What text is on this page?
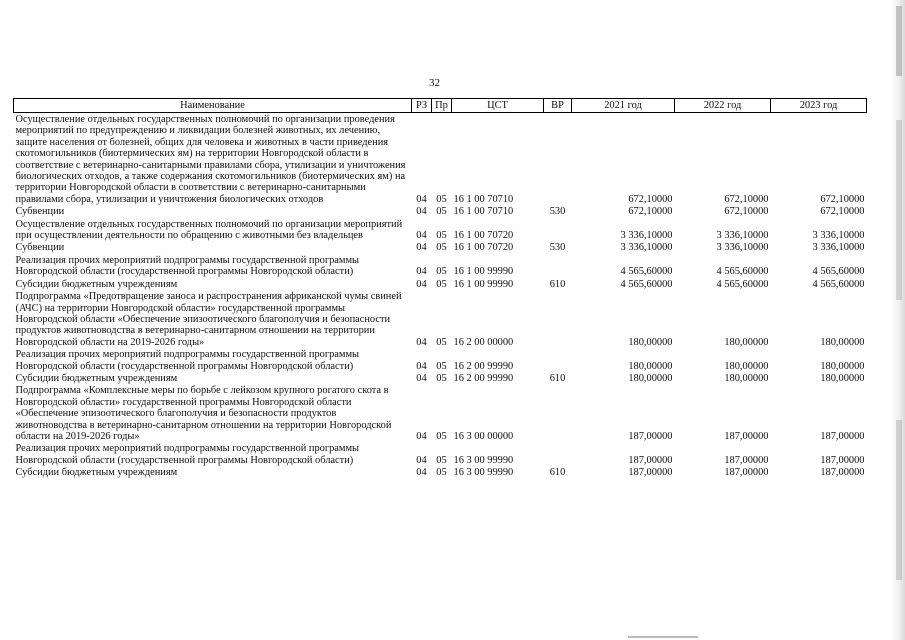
32
Наименование	РЗ	Пр	ЦСТ	ВР	2021 год	2022 год	2023 год
Осуществление отдельных государственных полномочий по организации проведения мероприятий по предупреждению и ликвидации болезней животных, их лечению, защите населения от болезней, общих для человека и животных в части приведения скотомогильников (биотермических ям) на территории Новгородской области в соответствие с ветеринарно-санитарными правилами сбора, утилизации и уничтожения биологических отходов, а также содержания скотомогильников (биотермических ям) на территории Новгородской области в соответствии с ветеринарно-санитарными правилами сбора, утилизации и уничтожения биологических отходов	04	05	16 1 00 70710		672,10000	672,10000	672,10000
Субвенции	04	05	16 1 00 70710	530	672,10000	672,10000	672,10000
Осуществление отдельных государственных полномочий по организации мероприятий при осуществлении деятельности по обращению с животными без владельцев	04	05	16 1 00 70720		3 336,10000	3 336,10000	3 336,10000
Субвенции	04	05	16 1 00 70720	530	3 336,10000	3 336,10000	3 336,10000
Реализация прочих мероприятий подпрограммы государственной программы Новгородской области (государственной программы Новгородской области)	04	05	16 1 00 99990		4 565,60000	4 565,60000	4 565,60000
Субсидии бюджетным учреждениям	04	05	16 1 00 99990	610	4 565,60000	4 565,60000	4 565,60000
Подпрограмма «Предотвращение заноса и распространения африканской чумы свиней (АЧС) на территории Новгородской области» государственной программы Новгородской области «Обеспечение эпизоотического благополучия и безопасности продуктов животноводства в ветеринарно-санитарном отношении на территории Новгородской области на 2019-2026 годы»	04	05	16 2 00 00000		180,00000	180,00000	180,00000
Реализация прочих мероприятий подпрограммы государственной программы Новгородской области (государственной программы Новгородской области)	04	05	16 2 00 99990		180,00000	180,00000	180,00000
Субсидии бюджетным учреждениям	04	05	16 2 00 99990	610	180,00000	180,00000	180,00000
Подпрограмма «Комплексные меры по борьбе с лейкозом крупного рогатого скота в Новгородской области» государственной программы Новгородской области «Обеспечение эпизоотического благополучия и безопасности продуктов животноводства в ветеринарно-санитарном отношении на территории Новгородской области на 2019-2026 годы»	04	05	16 3 00 00000		187,00000	187,00000	187,00000
Реализация прочих мероприятий подпрограммы государственной программы Новгородской области (государственной программы Новгородской области)	04	05	16 3 00 99990		187,00000	187,00000	187,00000
Субсидии бюджетным учреждениям	04	05	16 3 00 99990	610	187,00000	187,00000	187,00000
